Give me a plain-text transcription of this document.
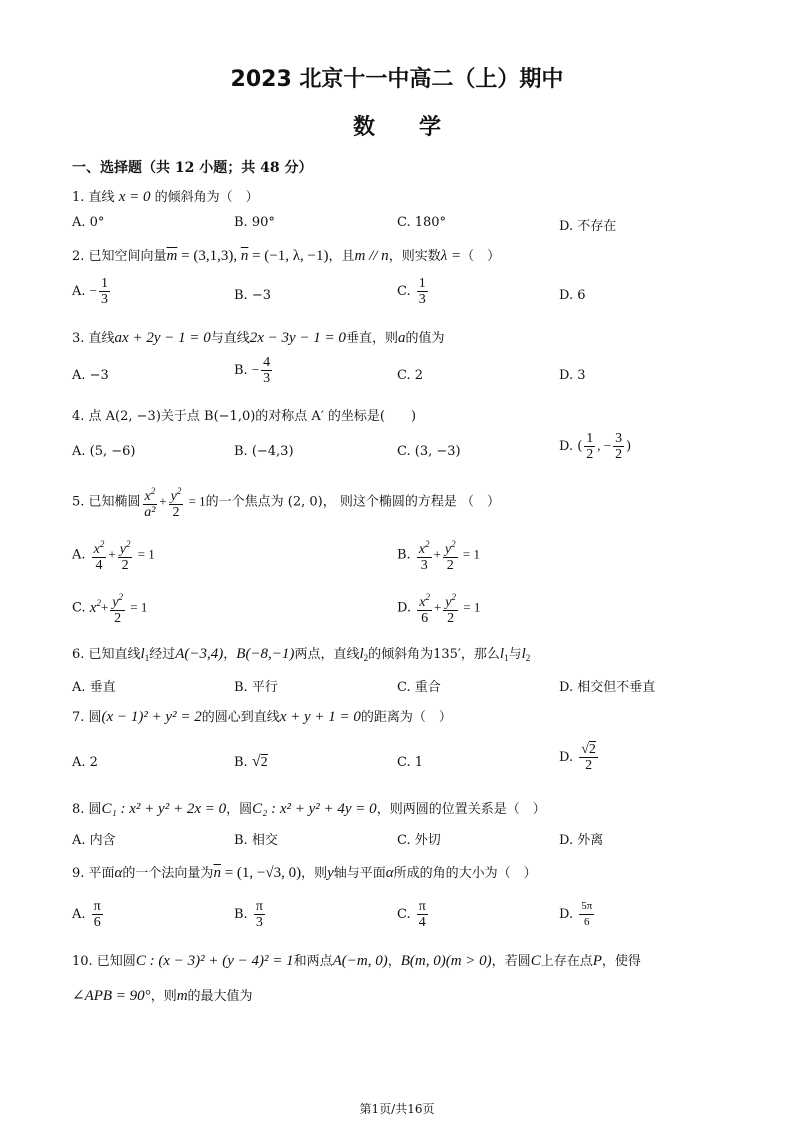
2023 北京十一中高二（上）期中
数　　学
一、选择题（共 12 小题；共 48 分）
1. 直线 x = 0 的倾斜角为（　）
A. 0°	B. 90°	C. 180°	D. 不存在
2. 已知空间向量$\overline{m} = (3,1,3)$, $\overline{n} = (-1$, λ, −1)，且m // n，则实数λ =（　）
A. − $\frac{1}{3}$	B. −3	C. $\frac{1}{3}$	D. 6
3. 直线ax + 2y − 1 = 0与直线2x − 3y − 1 = 0垂直，则a的值为
A. −3	B. − $\frac{4}{3}$	C. 2	D. 3
4. 点 A(2, −3)关于点 B(−1,0)的对称点 A′ 的坐标是(　　)
A. (5, −6)	B. (−4,3)	C. (3, −3)	D. ( $\frac{1}{2}$ , − $\frac{3}{2}$ )
5. 已知椭圆 $\frac{x^2}{\text{a²}} + \frac{y^2}{2} = 1$的一个焦点为 (2, 0)， 则这个椭圆的方程是 （　）
A. $\frac{x^2}{4} + \frac{y^2}{2} = 1$	B. $\frac{x^2}{3} + \frac{y^2}{2} = 1$
C. $x^2+ \frac{y^2}{2} = 1$	D. $\frac{x^2}{6} + \frac{y^2}{2} = 1$
6. 已知直线$l_1$经过A(−3,4)，B(−8,−1)两点，直线$l_2$的倾斜角为135′，那么$l_1$与$l_2$
A. 垂直	B. 平行	C. 重合	D. 相交但不垂直
7. 圆(x − 1)² + y² = 2的圆心到直线x + y + 1 = 0的距离为（　）
A. 2	B. √2	C. 1	D. $\frac{√2}{2}$
8. 圆C₁ : x² + y² + 2x = 0，圆C₂ : x² + y² + 4y = 0，则两圆的位置关系是（　）
A. 内含	B. 相交	C. 外切	D. 外离
9. 平面α的一个法向量为$\overline{n} = (1$, −√3, 0)，则y轴与平面α所成的角的大小为（　）
A. $\frac{\pi}{6}$	B. $\frac{\pi}{3}$	C. $\frac{\pi}{4}$	D. $\frac{5\pi}{6}$
10. 已知圆C : (x − 3)² + (y − 4)² = 1和两点A(−m, 0)，B(m, 0)(m > 0)，若圆C上存在点P，使得
∠APB = 90°，则m的最大值为
第1页/共16页
